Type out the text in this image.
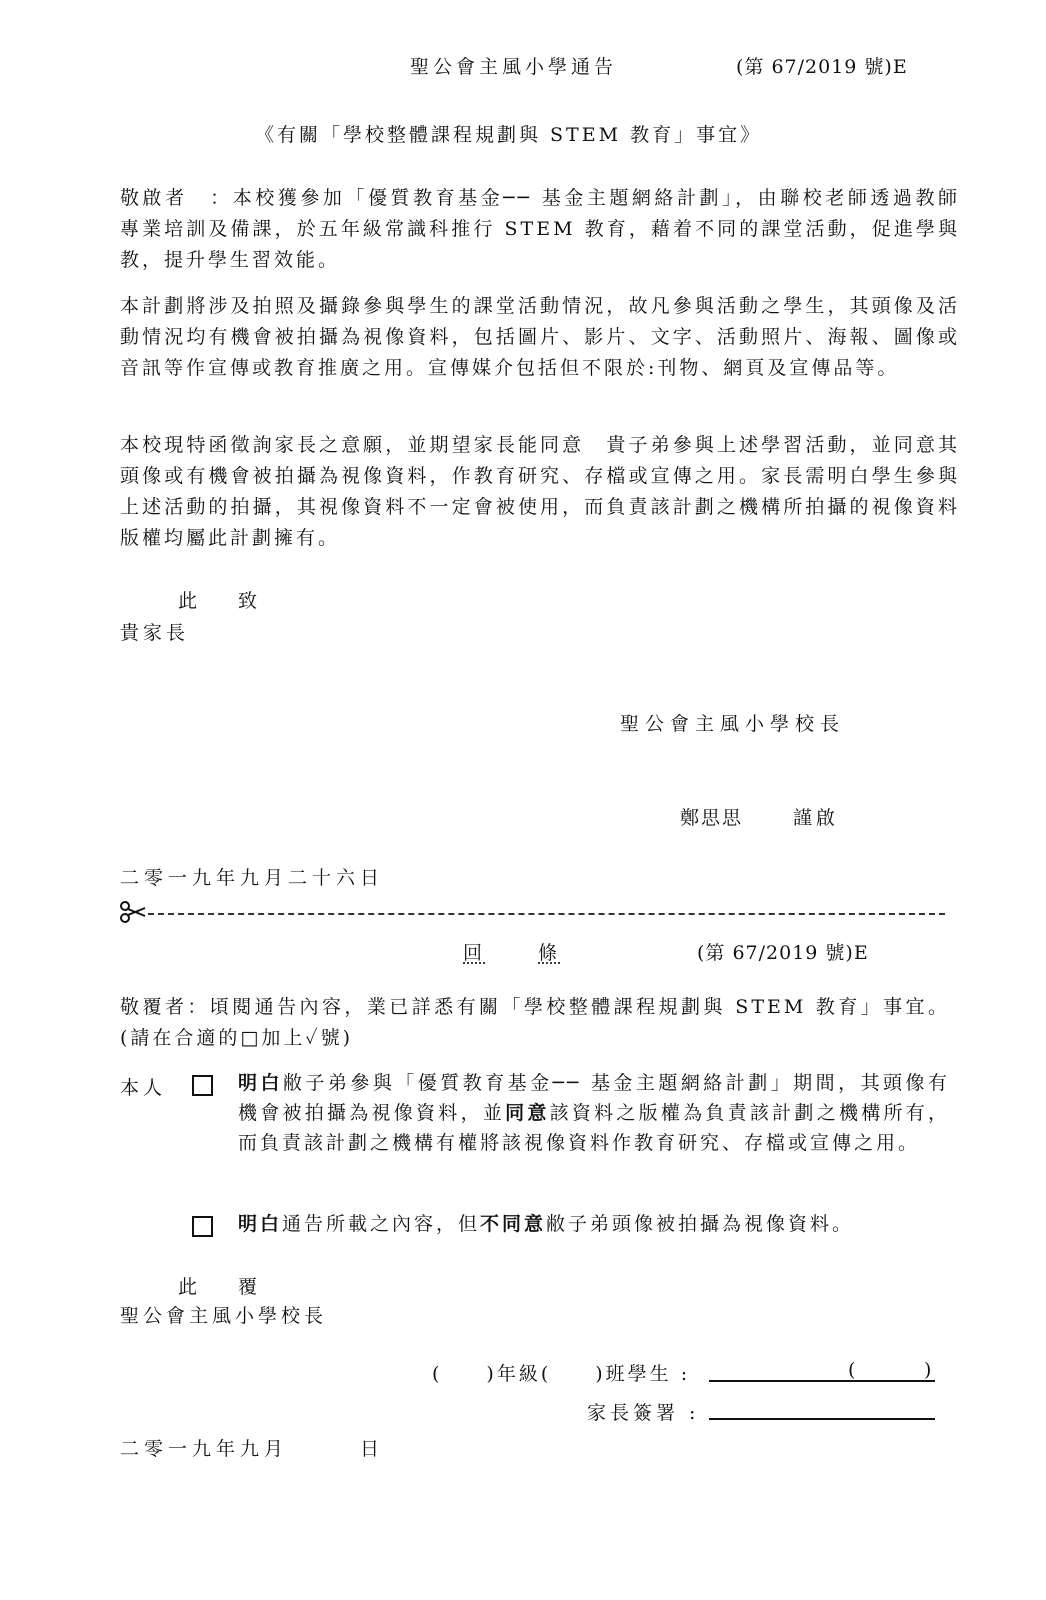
聖公會主風小學通告	(第 67/2019 號)E
《有關「學校整體課程規劃與 STEM 教育」事宜》

敬啟者　：本校獲參加「優質教育基金── 基金主題網絡計劃」，由聯校老師透過教師專業培訓及備課，於五年級常識科推行 STEM 教育，藉着不同的課堂活動，促進學與教，提升學生習效能。

本計劃將涉及拍照及攝錄參與學生的課堂活動情況，故凡參與活動之學生，其頭像及活動情況均有機會被拍攝為視像資料，包括圖片、影片、文字、活動照片、海報、圖像或音訊等作宣傳或教育推廣之用。宣傳媒介包括但不限於:刊物、網頁及宣傳品等。

本校現特函徵詢家長之意願，並期望家長能同意　貴子弟參與上述學習活動，並同意其頭像或有機會被拍攝為視像資料，作教育研究、存檔或宣傳之用。家長需明白學生參與上述活動的拍攝，其視像資料不一定會被使用，而負責該計劃之機構所拍攝的視像資料版權均屬此計劃擁有。

此 致
貴家長
聖公會主風小學校長
鄭思思	謹啟
二零一九年九月二十六日
回	條	(第 67/2019 號)E

敬覆者：頃閱通告內容，業已詳悉有關「學校整體課程規劃與 STEM 教育」事宜。(請在合適的□加上✓號)

本人	明白敝子弟參與「優質教育基金── 基金主題網絡計劃」期間，其頭像有機會被拍攝為視像資料，並同意該資料之版權為負責該計劃之機構所有，而負責該計劃之機構有權將該視像資料作教育研究、存檔或宣傳之用。

明白通告所載之內容，但不同意敝子弟頭像被拍攝為視像資料。

此 覆
聖公會主風小學校長
(　　)年級(　　)班學生 :	(	)
家長簽署 :
二零一九年九月　　　日
